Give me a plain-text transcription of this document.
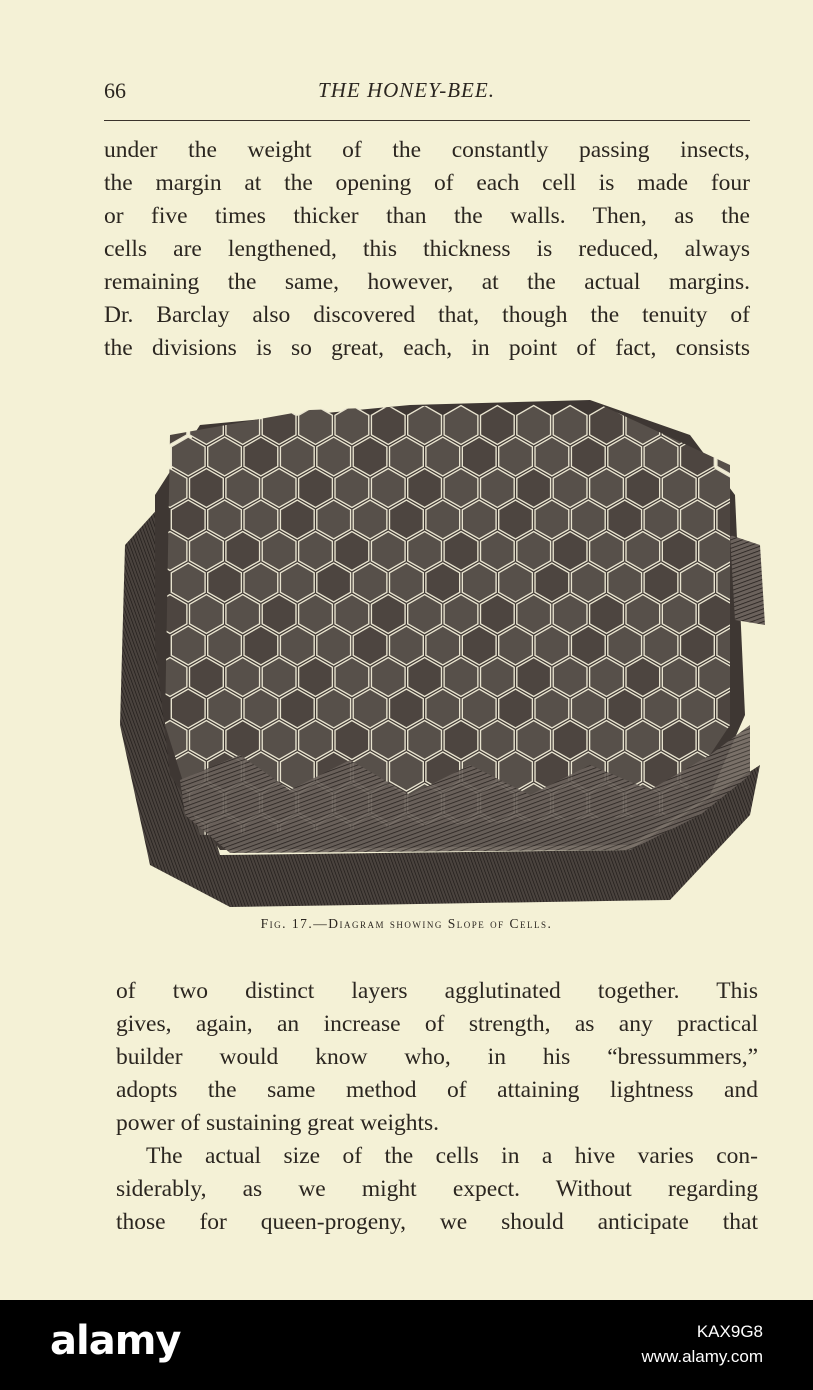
66	THE HONEY-BEE.
under the weight of the constantly passing insects,
the margin at the opening of each cell is made four
or five times thicker than the walls. Then, as the
cells are lengthened, this thickness is reduced, always
remaining the same, however, at the actual margins.
Dr. Barclay also discovered that, though the tenuity of
the divisions is so great, each, in point of fact, consists
Fig. 17.—Diagram showing Slope of Cells.
of two distinct layers agglutinated together. This
gives, again, an increase of strength, as any practical
builder would know who, in his “bressummers,”
adopts the same method of attaining lightness and
power of sustaining great weights.
The actual size of the cells in a hive varies con-
siderably, as we might expect. Without regarding
those for queen-progeny, we should anticipate that
alamy	KAX9G8
www.alamy.com
